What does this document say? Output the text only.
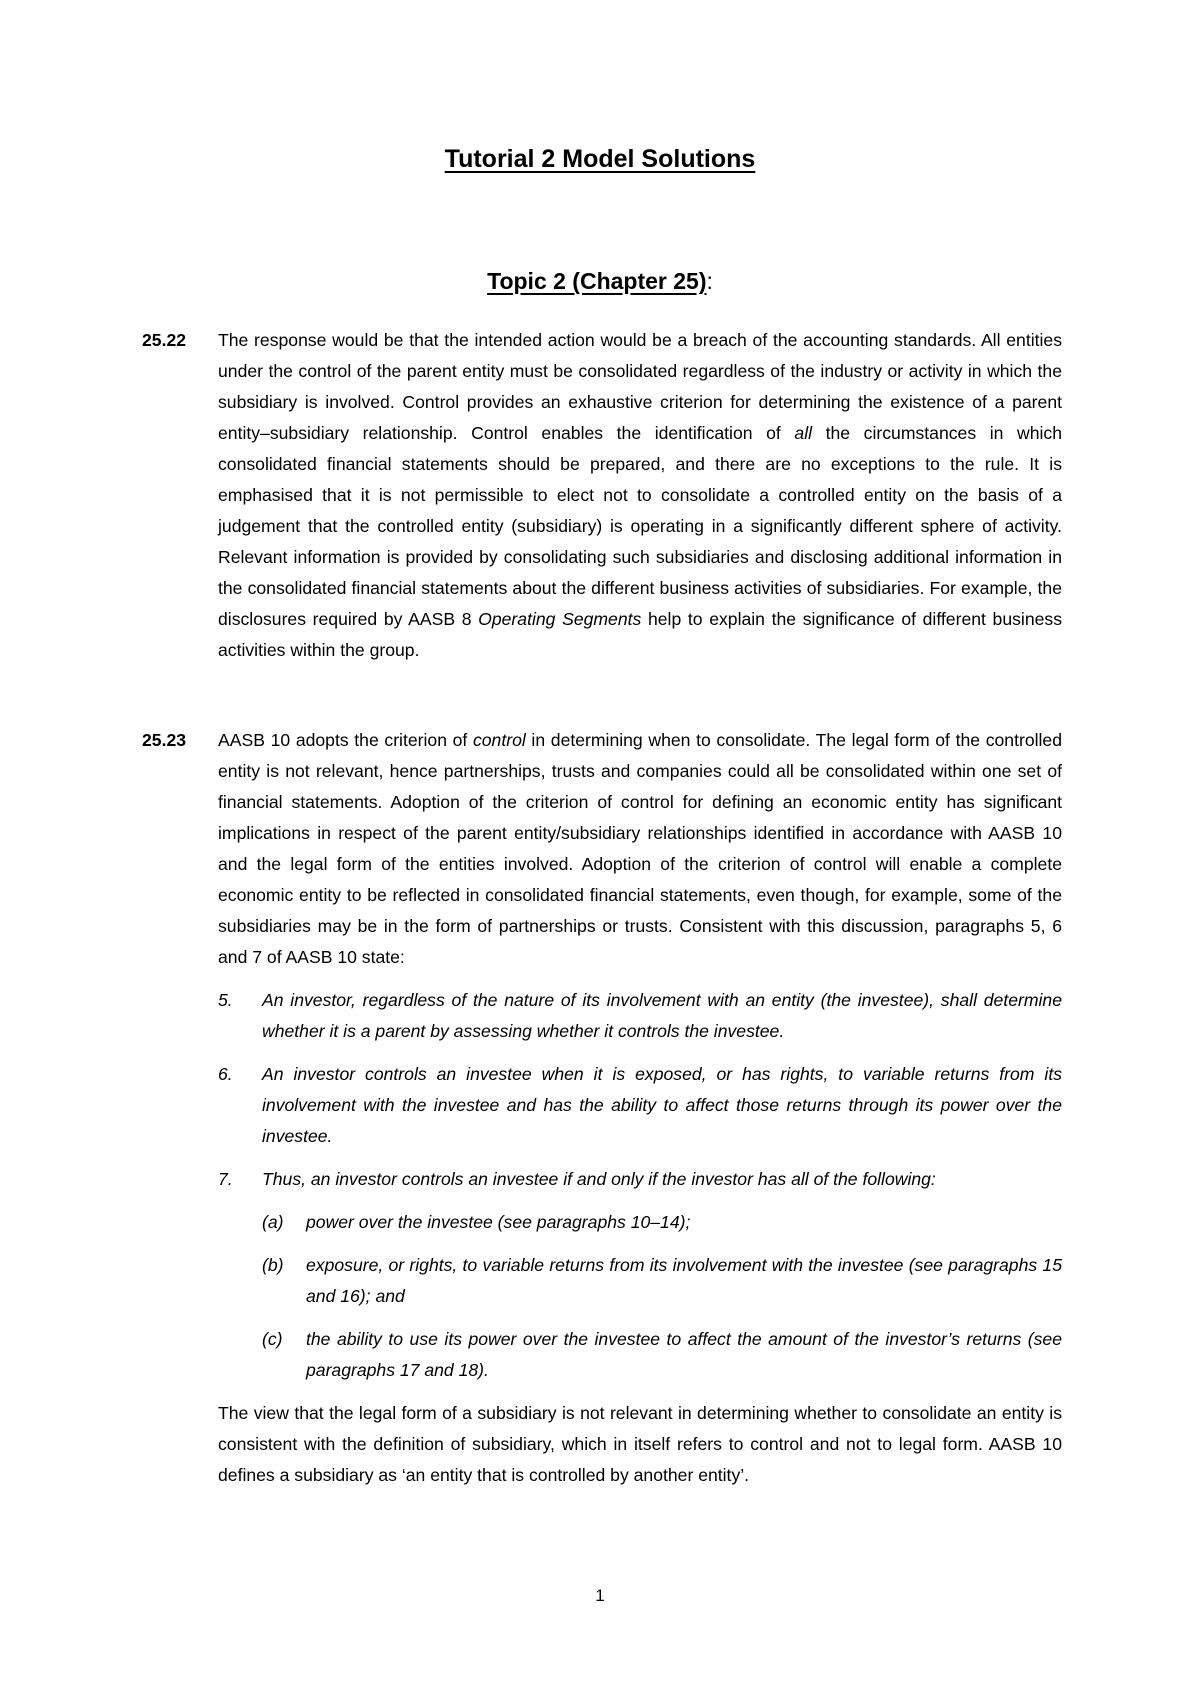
Tutorial 2 Model Solutions
Topic 2 (Chapter 25):
25.22 The response would be that the intended action would be a breach of the accounting standards. All entities under the control of the parent entity must be consolidated regardless of the industry or activity in which the subsidiary is involved. Control provides an exhaustive criterion for determining the existence of a parent entity–subsidiary relationship. Control enables the identification of all the circumstances in which consolidated financial statements should be prepared, and there are no exceptions to the rule. It is emphasised that it is not permissible to elect not to consolidate a controlled entity on the basis of a judgement that the controlled entity (subsidiary) is operating in a significantly different sphere of activity. Relevant information is provided by consolidating such subsidiaries and disclosing additional information in the consolidated financial statements about the different business activities of subsidiaries. For example, the disclosures required by AASB 8 Operating Segments help to explain the significance of different business activities within the group.

25.23 AASB 10 adopts the criterion of control in determining when to consolidate. The legal form of the controlled entity is not relevant, hence partnerships, trusts and companies could all be consolidated within one set of financial statements. Adoption of the criterion of control for defining an economic entity has significant implications in respect of the parent entity/subsidiary relationships identified in accordance with AASB 10 and the legal form of the entities involved. Adoption of the criterion of control will enable a complete economic entity to be reflected in consolidated financial statements, even though, for example, some of the subsidiaries may be in the form of partnerships or trusts. Consistent with this discussion, paragraphs 5, 6 and 7 of AASB 10 state:

5. An investor, regardless of the nature of its involvement with an entity (the investee), shall determine whether it is a parent by assessing whether it controls the investee.
6. An investor controls an investee when it is exposed, or has rights, to variable returns from its involvement with the investee and has the ability to affect those returns through its power over the investee.
7. Thus, an investor controls an investee if and only if the investor has all of the following:
(a) power over the investee (see paragraphs 10–14);
(b) exposure, or rights, to variable returns from its involvement with the investee (see paragraphs 15 and 16); and
(c) the ability to use its power over the investee to affect the amount of the investor’s returns (see paragraphs 17 and 18).

The view that the legal form of a subsidiary is not relevant in determining whether to consolidate an entity is consistent with the definition of subsidiary, which in itself refers to control and not to legal form. AASB 10 defines a subsidiary as ‘an entity that is controlled by another entity’.

1
